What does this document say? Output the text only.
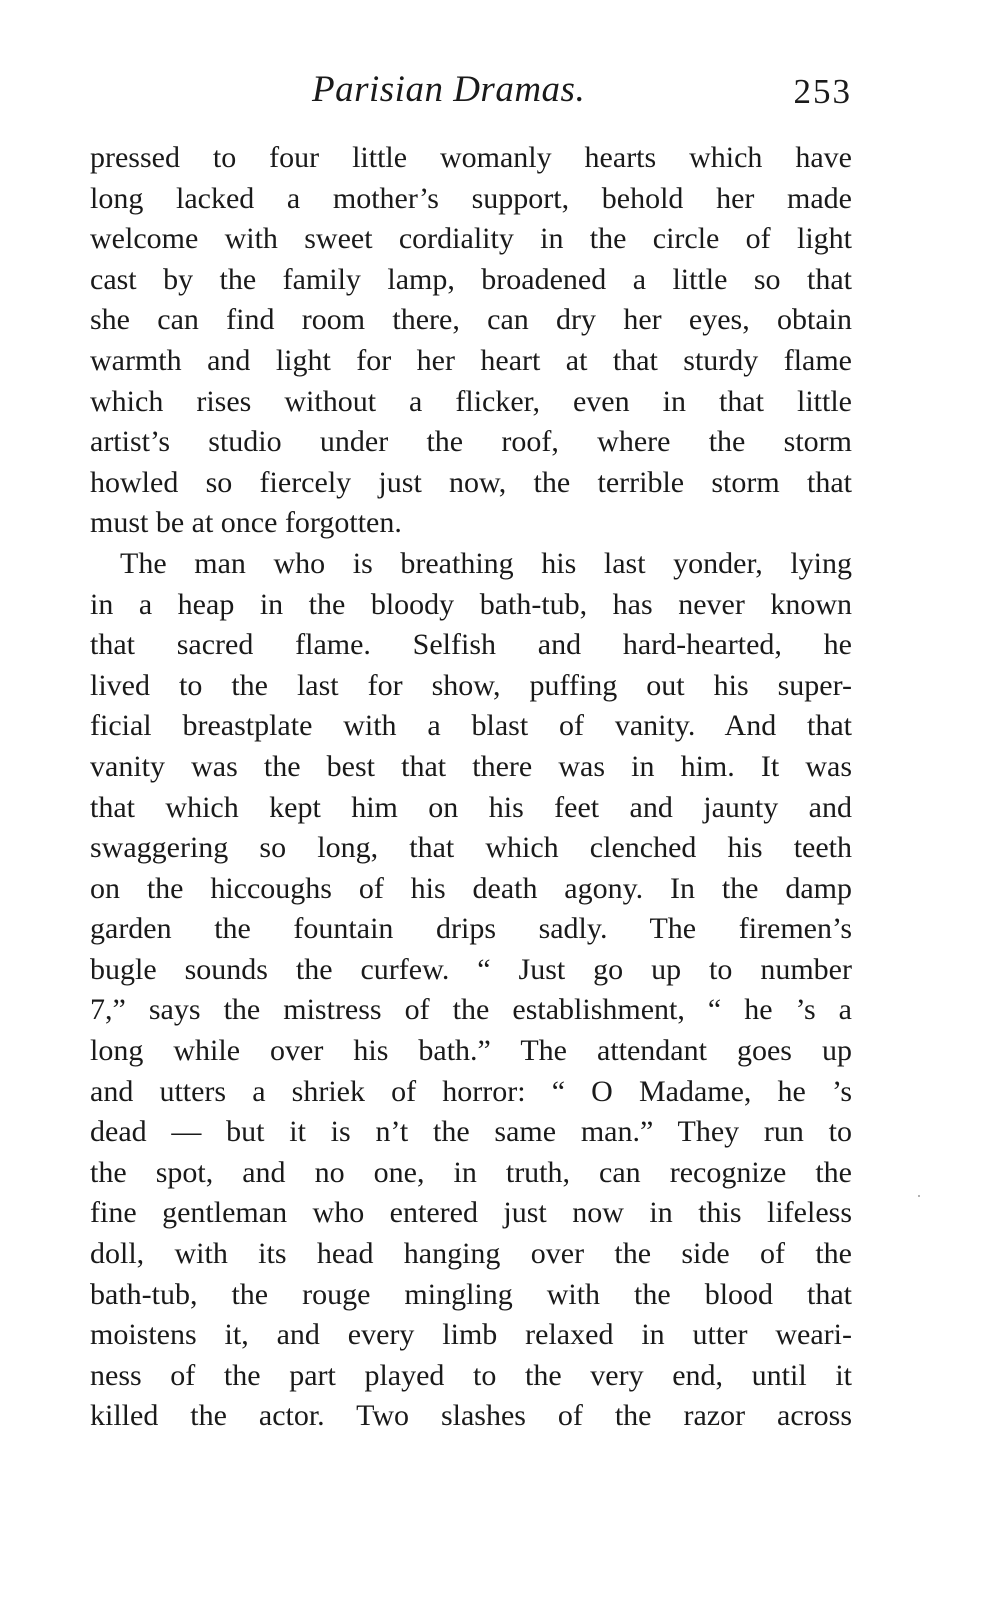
Parisian Dramas.	253
pressed to four little womanly hearts which have
long lacked a mother’s support, behold her made
welcome with sweet cordiality in the circle of light
cast by the family lamp, broadened a little so that
she can find room there, can dry her eyes, obtain
warmth and light for her heart at that sturdy flame
which rises without a flicker, even in that little
artist’s studio under the roof, where the storm
howled so fiercely just now, the terrible storm that
must be at once forgotten.
The man who is breathing his last yonder, lying
in a heap in the bloody bath-tub, has never known
that sacred flame. Selfish and hard-hearted, he
lived to the last for show, puffing out his super-
ficial breastplate with a blast of vanity. And that
vanity was the best that there was in him. It was
that which kept him on his feet and jaunty and
swaggering so long, that which clenched his teeth
on the hiccoughs of his death agony. In the damp
garden the fountain drips sadly. The firemen’s
bugle sounds the curfew. “ Just go up to number
7,” says the mistress of the establishment, “ he ’s a
long while over his bath.” The attendant goes up
and utters a shriek of horror: “ O Madame, he ’s
dead — but it is n’t the same man.” They run to
the spot, and no one, in truth, can recognize the
fine gentleman who entered just now in this lifeless
doll, with its head hanging over the side of the
bath-tub, the rouge mingling with the blood that
moistens it, and every limb relaxed in utter weari-
ness of the part played to the very end, until it
killed the actor. Two slashes of the razor across
